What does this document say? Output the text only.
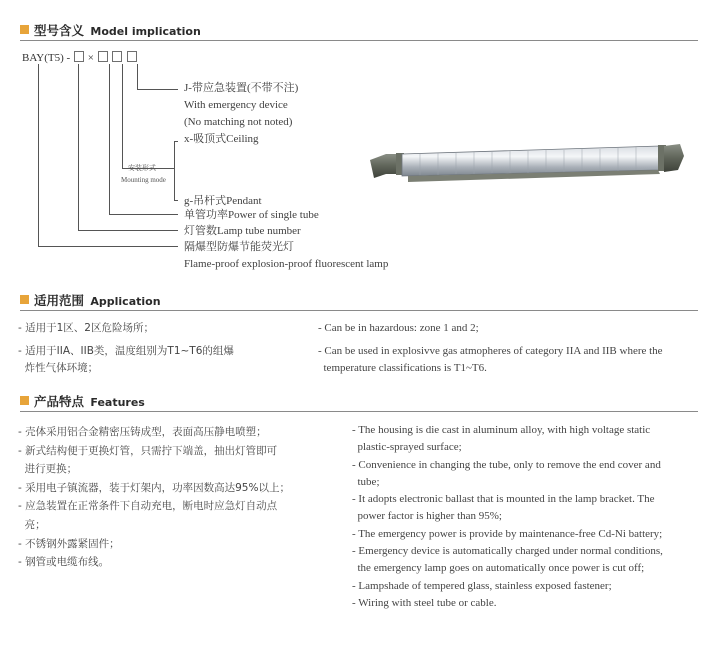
型号含义 Model implication
BAY(T5) - ×
J-带应急装置(不带不注)
With emergency device
(No matching not noted)
x-吸顶式Ceiling
安装形式
Mounting mode
g-吊杆式Pendant
单管功率Power of single tube
灯管数Lamp tube number
隔爆型防爆节能荧光灯
Flame-proof explosion-proof fluorescent lamp
适用范围 Application

- 适用于1区、2区危险场所；

- 适用于IIA、IIB类，温度组别为T1~T6的组爆

炸性气体环境；

- Can be in hazardous: zone 1 and 2;

- Can be used in explosivve gas atmopheres of category IIA and IIB where the

temperature classifications is T1~T6.

产品特点 Features

- 壳体采用铝合金精密压铸成型，表面高压静电喷塑；

- 新式结构便于更换灯管，只需拧下端盖，抽出灯管即可

进行更换；

- 采用电子镇流器，装于灯架内，功率因数高达95%以上；

- 应急装置在正常条件下自动充电，断电时应急灯自动点

亮；

- 不锈钢外露紧固件；

- 钢管或电缆布线。

- The housing is die cast in aluminum alloy, with high voltage static

plastic-sprayed surface;

- Convenience in changing the tube, only to remove the end cover and

tube;

- It adopts electronic ballast that is mounted in the lamp bracket. The

power factor is higher than 95%;

- The emergency power is provide by maintenance-free Cd-Ni battery;

- Emergency device is automatically charged under normal conditions,

the emergency lamp goes on automatically once power is cut off;

- Lampshade of tempered glass, stainless exposed fastener;

- Wiring with steel tube or cable.
